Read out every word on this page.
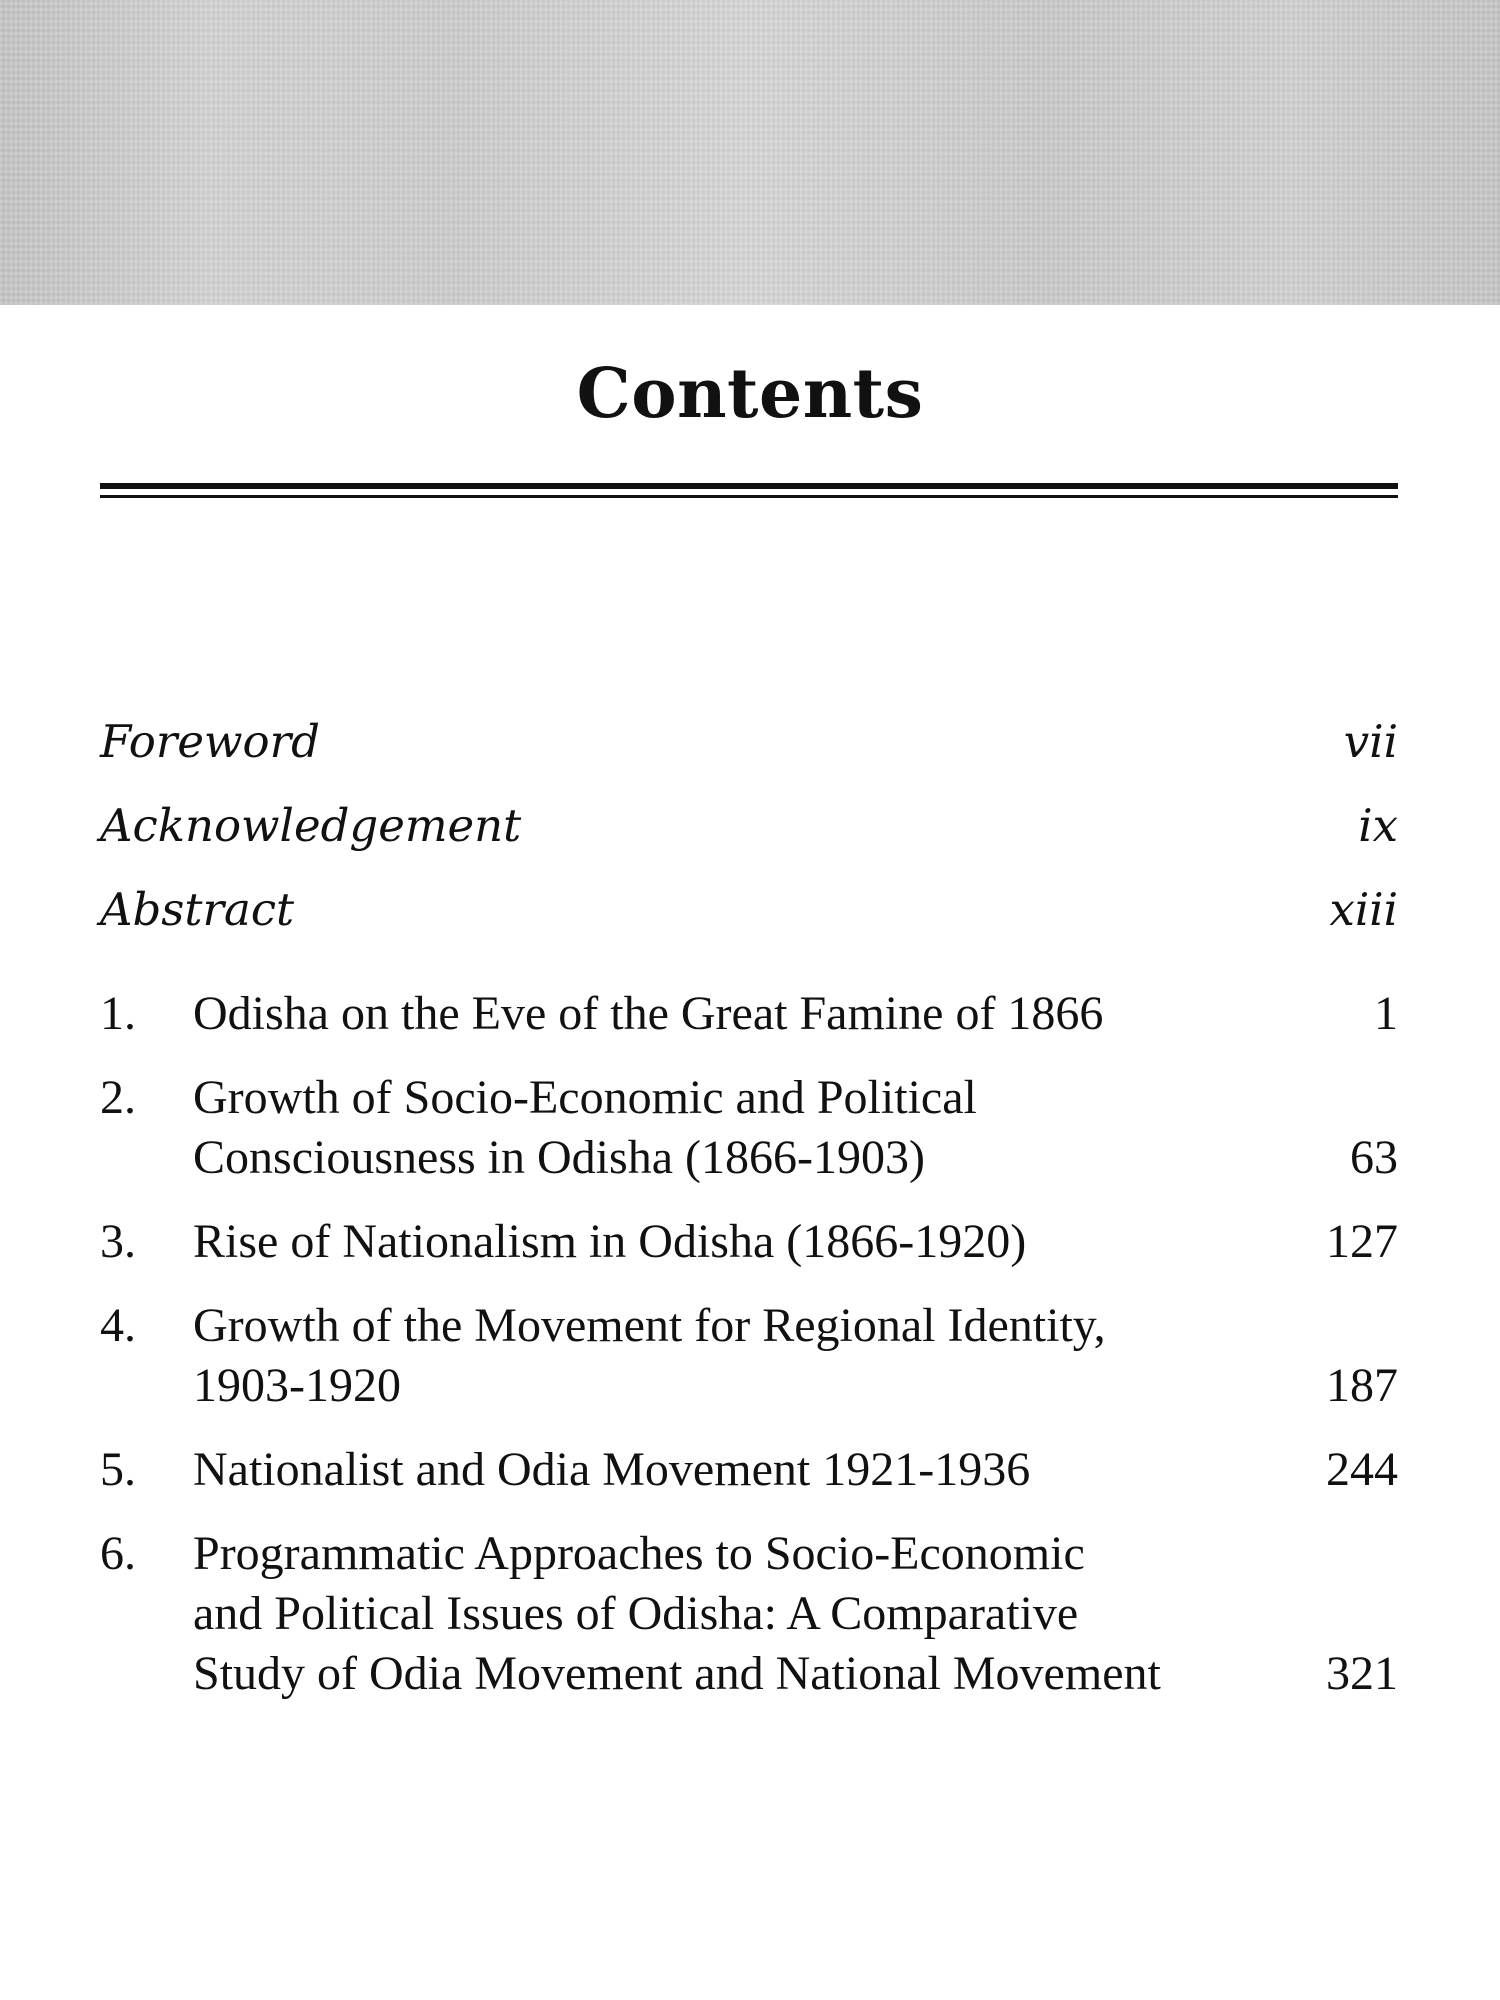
Contents
Foreword	vii
Acknowledgement	ix
Abstract	xiii
1.	Odisha on the Eve of the Great Famine of 1866	1
2.	Growth of Socio-Economic and Political
Consciousness in Odisha (1866-1903)	63
3.	Rise of Nationalism in Odisha (1866-1920)	127
4.	Growth of the Movement for Regional Identity,
1903-1920	187
5.	Nationalist and Odia Movement 1921-1936	244
6.	Programmatic Approaches to Socio-Economic
and Political Issues of Odisha: A Comparative
Study of Odia Movement and National Movement	321
